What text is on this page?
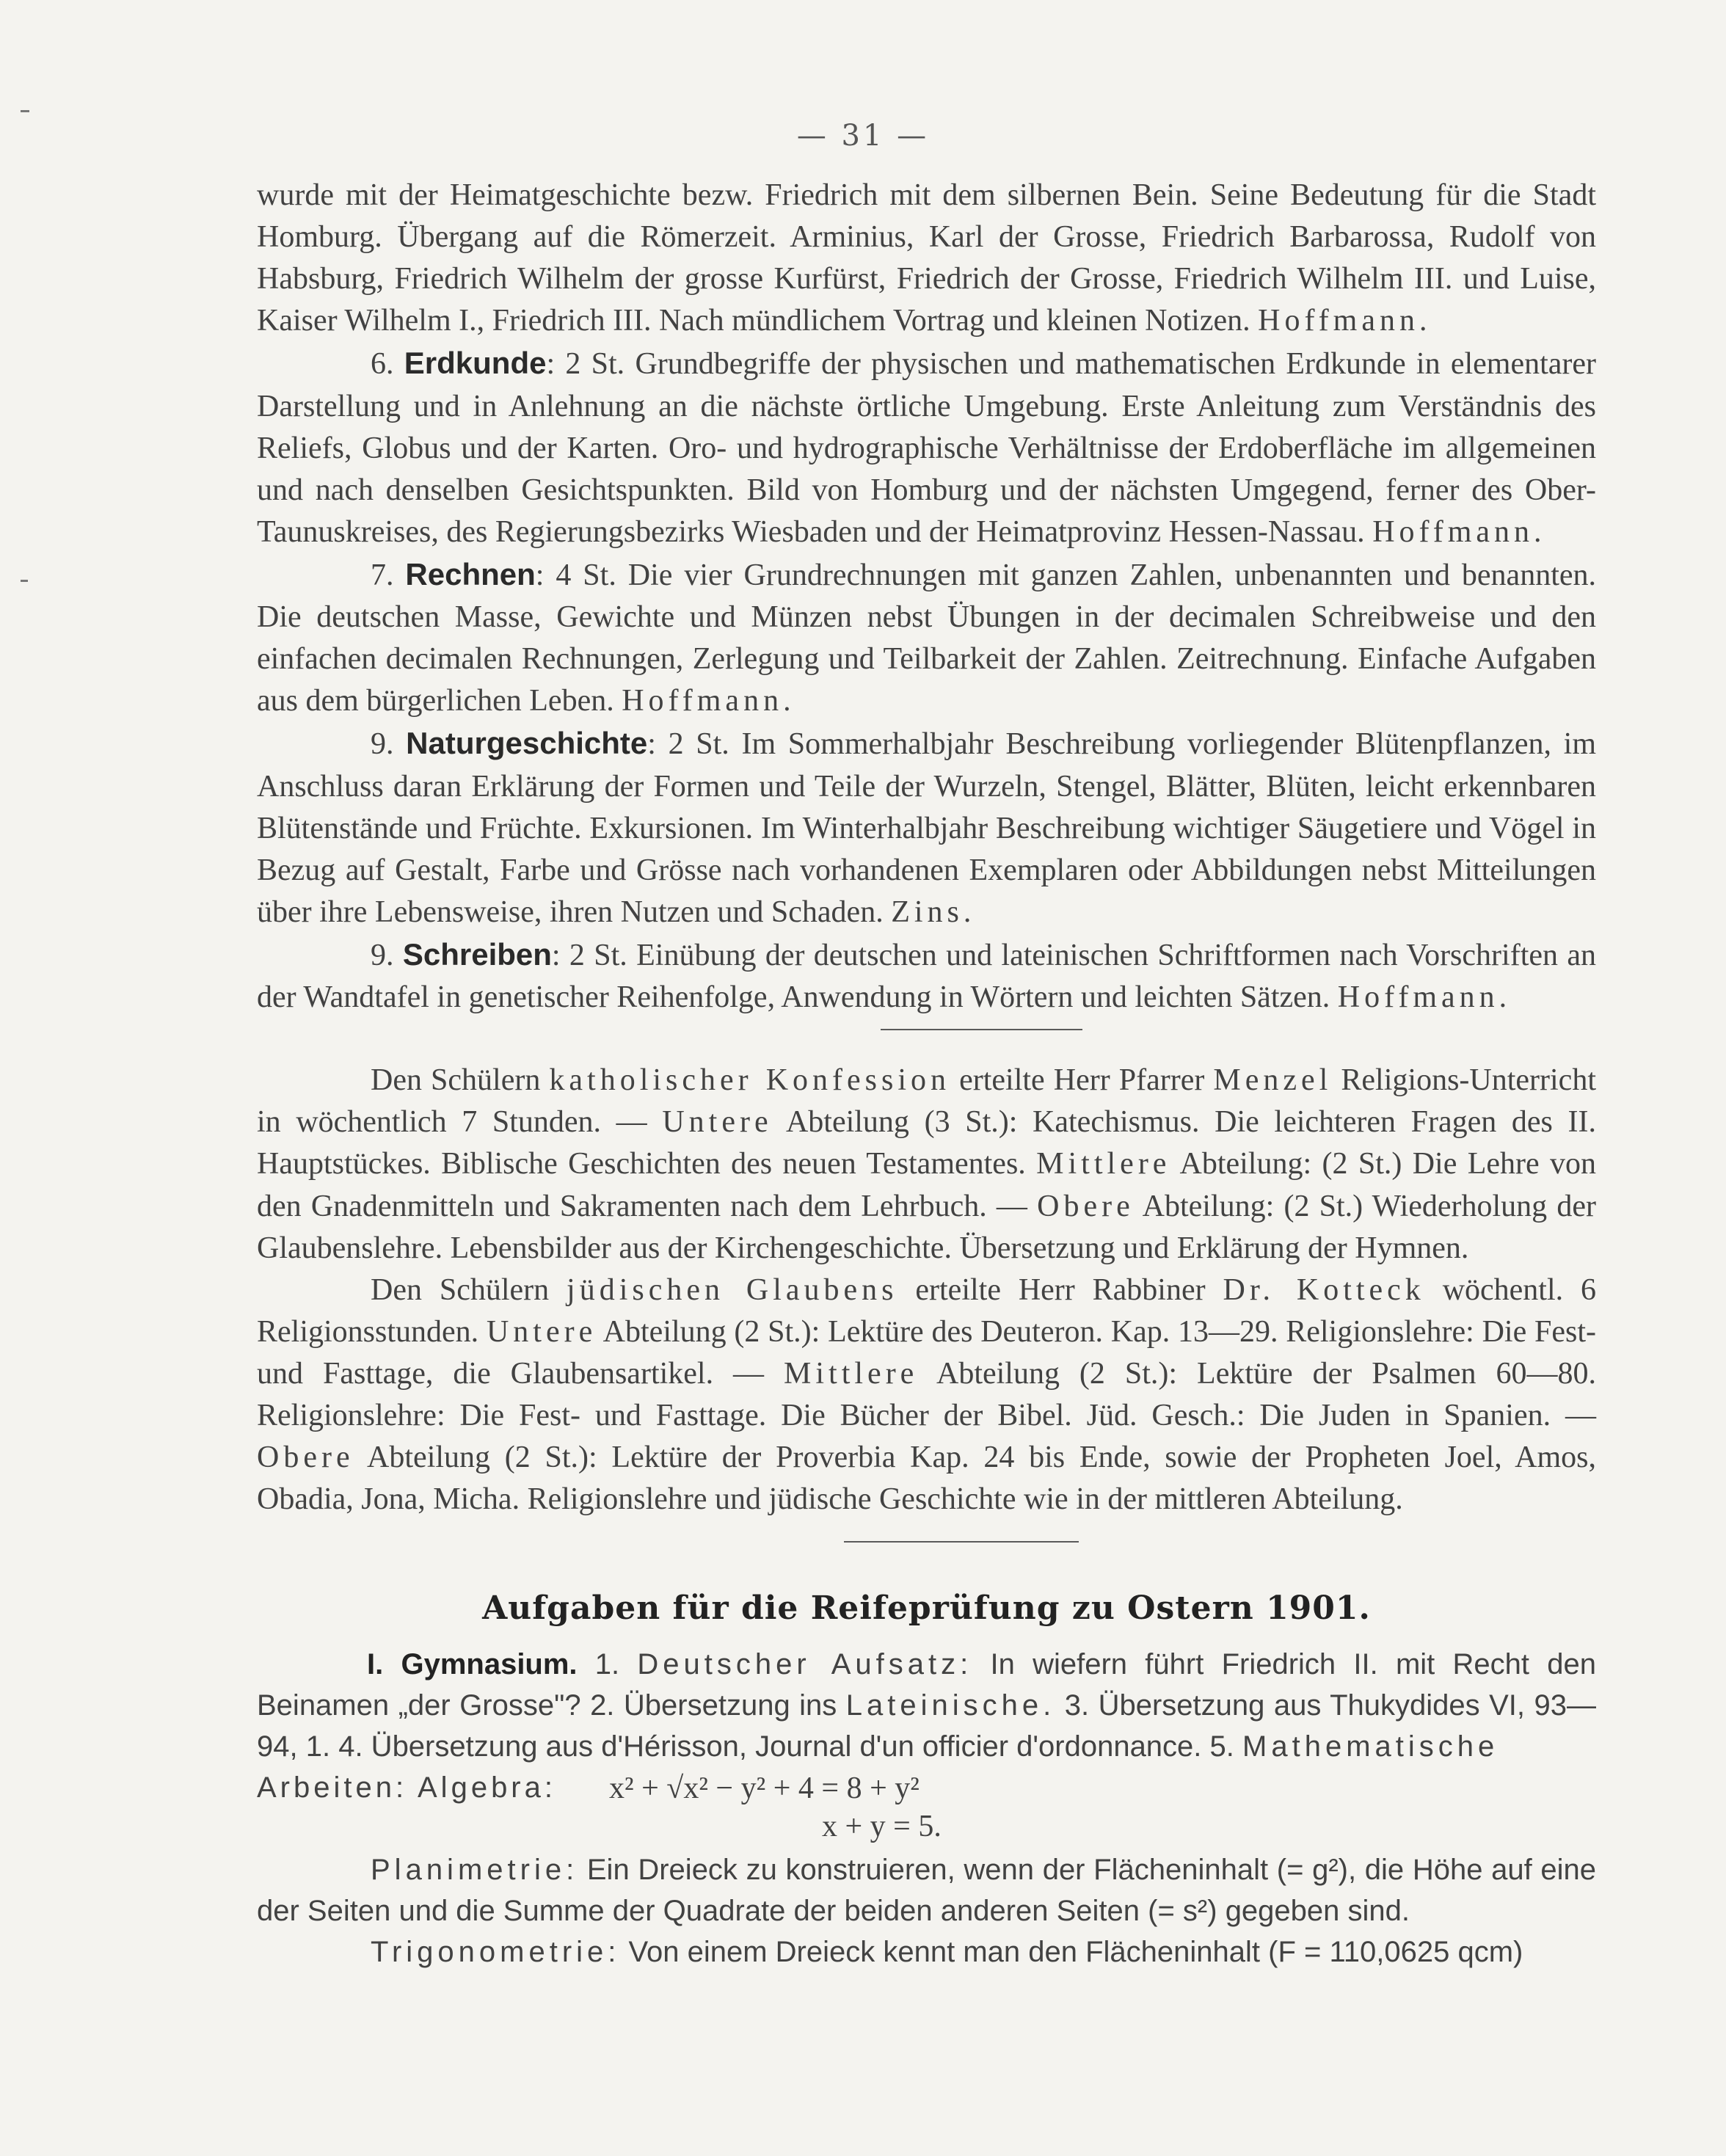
— 31 —

wurde mit der Heimatgeschichte bezw. Friedrich mit dem silbernen Bein. Seine Bedeutung für die Stadt Homburg. Übergang auf die Römerzeit. Arminius, Karl der Grosse, Friedrich Barbarossa, Rudolf von Habsburg, Friedrich Wilhelm der grosse Kurfürst, Friedrich der Grosse, Friedrich Wilhelm III. und Luise, Kaiser Wilhelm I., Friedrich III. Nach mündlichem Vortrag und kleinen Notizen. Hoffmann.

6. Erdkunde: 2 St. Grundbegriffe der physischen und mathematischen Erdkunde in elementarer Darstellung und in Anlehnung an die nächste örtliche Umgebung. Erste Anleitung zum Verständnis des Reliefs, Globus und der Karten. Oro- und hydrographische Verhältnisse der Erdoberfläche im allgemeinen und nach denselben Gesichtspunkten. Bild von Homburg und der nächsten Umgegend, ferner des Ober-Taunuskreises, des Regierungsbezirks Wiesbaden und der Heimatprovinz Hessen-Nassau. Hoffmann.

7. Rechnen: 4 St. Die vier Grundrechnungen mit ganzen Zahlen, unbenannten und benannten. Die deutschen Masse, Gewichte und Münzen nebst Übungen in der decimalen Schreibweise und den einfachen decimalen Rechnungen, Zerlegung und Teilbarkeit der Zahlen. Zeitrechnung. Einfache Aufgaben aus dem bürgerlichen Leben. Hoffmann.

9. Naturgeschichte: 2 St. Im Sommerhalbjahr Beschreibung vorliegender Blütenpflanzen, im Anschluss daran Erklärung der Formen und Teile der Wurzeln, Stengel, Blätter, Blüten, leicht erkennbaren Blütenstände und Früchte. Exkursionen. Im Winterhalbjahr Beschreibung wichtiger Säugetiere und Vögel in Bezug auf Gestalt, Farbe und Grösse nach vorhandenen Exemplaren oder Abbildungen nebst Mitteilungen über ihre Lebensweise, ihren Nutzen und Schaden. Zins.

9. Schreiben: 2 St. Einübung der deutschen und lateinischen Schriftformen nach Vorschriften an der Wandtafel in genetischer Reihenfolge, Anwendung in Wörtern und leichten Sätzen. Hoffmann.

Den Schülern katholischer Konfession erteilte Herr Pfarrer Menzel Religions-Unterricht in wöchentlich 7 Stunden. — Untere Abteilung (3 St.): Katechismus. Die leichteren Fragen des II. Hauptstückes. Biblische Geschichten des neuen Testamentes. Mittlere Abteilung: (2 St.) Die Lehre von den Gnadenmitteln und Sakramenten nach dem Lehrbuch. — Obere Abteilung: (2 St.) Wiederholung der Glaubenslehre. Lebensbilder aus der Kirchengeschichte. Übersetzung und Erklärung der Hymnen.

Den Schülern jüdischen Glaubens erteilte Herr Rabbiner Dr. Kotteck wöchentl. 6 Religionsstunden. Untere Abteilung (2 St.): Lektüre des Deuteron. Kap. 13—29. Religionslehre: Die Fest- und Fasttage, die Glaubensartikel. — Mittlere Abteilung (2 St.): Lektüre der Psalmen 60—80. Religionslehre: Die Fest- und Fasttage. Die Bücher der Bibel. Jüd. Gesch.: Die Juden in Spanien. — Obere Abteilung (2 St.): Lektüre der Proverbia Kap. 24 bis Ende, sowie der Propheten Joel, Amos, Obadia, Jona, Micha. Religionslehre und jüdische Geschichte wie in der mittleren Abteilung.

Aufgaben für die Reifeprüfung zu Ostern 1901.

I. Gymnasium. 1. Deutscher Aufsatz: In wiefern führt Friedrich II. mit Recht den Beinamen „der Grosse"? 2. Übersetzung ins Lateinische. 3. Übersetzung aus Thukydides VI, 93—94, 1. 4. Übersetzung aus d'Hérisson, Journal d'un officier d'ordonnance. 5. Mathematische

Arbeiten: Algebra: x² + √x² − y² + 4 = 8 + y²
x + y = 5.

Planimetrie: Ein Dreieck zu konstruieren, wenn der Flächeninhalt (= g²), die Höhe auf eine der Seiten und die Summe der Quadrate der beiden anderen Seiten (= s²) gegeben sind.

Trigonometrie: Von einem Dreieck kennt man den Flächeninhalt (F = 110,0625 qcm)
